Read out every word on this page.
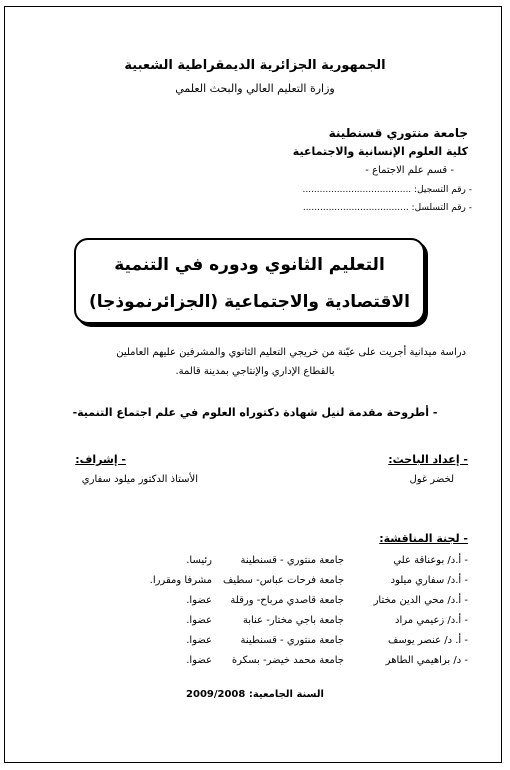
الجمهورية الجزائرية الديمقراطية الشعبية
وزارة التعليم العالي والبحث العلمي
جامعة منتوري قسنطينة
كلية العلوم الإنسانية والاجتماعية
- قسم علم الاجتماع -
- رقم التسجيل: ......................................
- رقم التسلسل: .....................................
التعليم الثانوي ودوره في التنمية
الاقتصادية والاجتماعية (الجزائرنموذجا)
دراسة ميدانية أجريت على عيّنة من خريجي التعليم الثانوي والمشرفين عليهم العاملين
بالقطاع الإداري والإنتاجي بمدينة قالمة.
- أطروحة مقدمة لنيل شهادة دكتوراه العلوم في علم اجتماع التنمية-
- إعداد الباحث:
لخضر غول
- إشراف:
الأستاذ الدكتور ميلود سفاري
- لجنة المناقشة:
- أ.د/ بوعناقة علي
جامعة منتوري - قسنطينة
رئيسا.
- أ.د/ سفاري ميلود
جامعة فرحات عباس- سطيف
مشرفا ومقررا.
- أ.د/ محي الدين مختار
جامعة قاصدي مرباح- ورقلة
عضوا.
- أ.د/ زعيمي مراد
جامعة باجي مختار- عنابة
عضوا.
- أ. د/ عنصر يوسف
جامعة منتوري - قسنطينة
عضوا.
- د/ براهيمي الطاهر
جامعة محمد خيضر- بسكرة
عضوا.
السنة الجامعية: 2009/2008
